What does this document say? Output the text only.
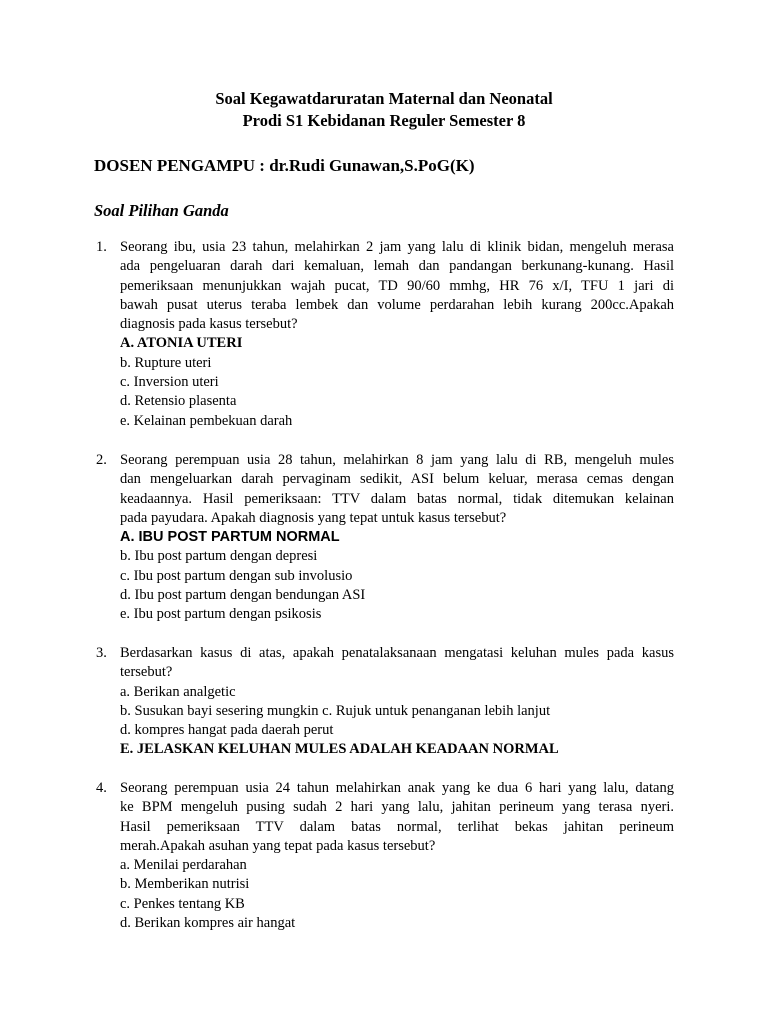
Soal Kegawatdaruratan Maternal dan Neonatal
Prodi S1 Kebidanan Reguler Semester 8
DOSEN PENGAMPU : dr.Rudi Gunawan,S.PoG(K)
Soal Pilihan Ganda
1. Seorang ibu, usia 23 tahun, melahirkan 2 jam yang lalu di klinik bidan, mengeluh merasa
ada pengeluaran darah dari kemaluan, lemah dan pandangan berkunang-kunang. Hasil
pemeriksaan menunjukkan wajah pucat, TD 90/60 mmhg, HR 76 x/I, TFU 1 jari di
bawah pusat uterus teraba lembek dan volume perdarahan lebih kurang 200cc.Apakah
diagnosis pada kasus tersebut?
A. ATONIA UTERI
b. Rupture uteri
c. Inversion uteri
d. Retensio plasenta
e. Kelainan pembekuan darah
2. Seorang perempuan usia 28 tahun, melahirkan 8 jam yang lalu di RB, mengeluh mules
dan mengeluarkan darah pervaginam sedikit, ASI belum keluar, merasa cemas dengan
keadaannya. Hasil pemeriksaan: TTV dalam batas normal, tidak ditemukan kelainan
pada payudara. Apakah diagnosis yang tepat untuk kasus tersebut?
A. IBU POST PARTUM NORMAL
b. Ibu post partum dengan depresi
c. Ibu post partum dengan sub involusio
d. Ibu post partum dengan bendungan ASI
e. Ibu post partum dengan psikosis
3. Berdasarkan kasus di atas, apakah penatalaksanaan mengatasi keluhan mules pada kasus
tersebut?
a. Berikan analgetic
b. Susukan bayi sesering mungkin c. Rujuk untuk penanganan lebih lanjut
d. kompres hangat pada daerah perut
E. JELASKAN KELUHAN MULES ADALAH KEADAAN NORMAL
4. Seorang perempuan usia 24 tahun melahirkan anak yang ke dua 6 hari yang lalu, datang
ke BPM mengeluh pusing sudah 2 hari yang lalu, jahitan perineum yang terasa nyeri.
Hasil pemeriksaan TTV dalam batas normal, terlihat bekas jahitan perineum
merah.Apakah asuhan yang tepat pada kasus tersebut?
a. Menilai perdarahan
b. Memberikan nutrisi
c. Penkes tentang KB
d. Berikan kompres air hangat
